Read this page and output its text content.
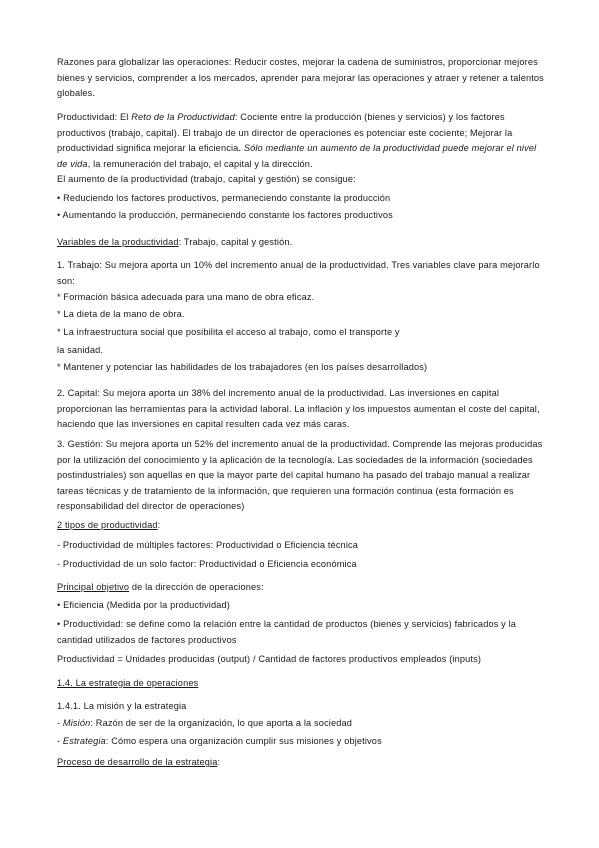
Razones para globalizar las operaciones: Reducir costes, mejorar la cadena de suministros, proporcionar mejores bienes y servicios, comprender a los mercados, aprender para mejorar las operaciones y atraer y retener a talentos globales.

Productividad: El Reto de la Productividad: Cociente entre la producción (bienes y servicios) y los factores productivos (trabajo, capital). El trabajo de un director de operaciones es potenciar este cociente; Mejorar la productividad significa mejorar la eficiencia. Sólo mediante un aumento de la productividad puede mejorar el nivel de vida, la remuneración del trabajo, el capital y la dirección.

El aumento de la productividad (trabajo, capital y gestión) se consigue:

• Reduciendo los factores productivos, permaneciendo constante la producción

• Aumentando la producción, permaneciendo constante los factores productivos

Variables de la productividad: Trabajo, capital y gestión.

1. Trabajo: Su mejora aporta un 10% del incremento anual de la productividad. Tres variables clave para mejorarlo son:

* Formación básica adecuada para una mano de obra eficaz.

* La dieta de la mano de obra.

* La infraestructura social que posibilita el acceso al trabajo, como el transporte y

la sanidad.

* Mantener y potenciar las habilidades de los trabajadores (en los países desarrollados)

2. Capital: Su mejora aporta un 38% del incremento anual de la productividad. Las inversiones en capital proporcionan las herramientas para la actividad laboral. La inflación y los impuestos aumentan el coste del capital, haciendo que las inversiones en capital resulten cada vez más caras.

3. Gestión: Su mejora aporta un 52% del incremento anual de la productividad. Comprende las mejoras producidas por la utilización del conocimiento y la aplicación de la tecnología. Las sociedades de la información (sociedades postindustriales) son aquellas en que la mayor parte del capital humano ha pasado del trabajo manual a realizar tareas técnicas y de tratamiento de la información, que requieren una formación continua (esta formación es responsabilidad del director de operaciones)

2 tipos de productividad:

- Productividad de múltiples factores: Productividad o Eficiencia técnica

- Productividad de un solo factor: Productividad o Eficiencia económica

Principal objetivo de la dirección de operaciones:

• Eficiencia (Medida por la productividad)

• Productividad: se define como la relación entre la cantidad de productos (bienes y servicios) fabricados y la cantidad utilizados de factores productivos

Productividad = Unidades producidas (output) / Cantidad de factores productivos empleados (inputs)

1.4. La estrategia de operaciones

1.4.1. La misión y la estrategia

- Misión: Razón de ser de la organización, lo que aporta a la sociedad

- Estrategia: Cómo espera una organización cumplir sus misiones y objetivos

Proceso de desarrollo de la estrategia:
